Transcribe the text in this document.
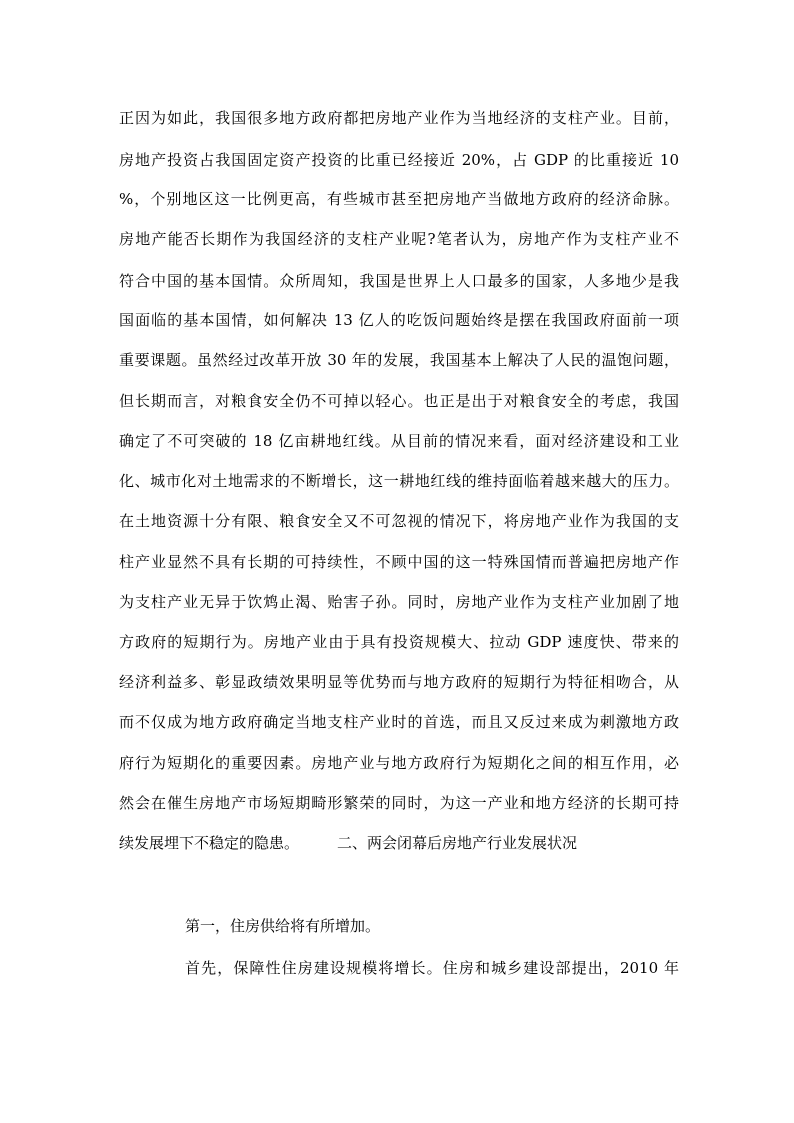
正因为如此，我国很多地方政府都把房地产业作为当地经济的支柱产业。目前，
房地产投资占我国固定资产投资的比重已经接近 20%，占 GDP 的比重接近 10
%，个别地区这一比例更高，有些城市甚至把房地产当做地方政府的经济命脉。
房地产能否长期作为我国经济的支柱产业呢?笔者认为，房地产作为支柱产业不
符合中国的基本国情。众所周知，我国是世界上人口最多的国家，人多地少是我
国面临的基本国情，如何解决 13 亿人的吃饭问题始终是摆在我国政府面前一项
重要课题。虽然经过改革开放 30 年的发展，我国基本上解决了人民的温饱问题，
但长期而言，对粮食安全仍不可掉以轻心。也正是出于对粮食安全的考虑，我国
确定了不可突破的 18 亿亩耕地红线。从目前的情况来看，面对经济建设和工业
化、城市化对土地需求的不断增长，这一耕地红线的维持面临着越来越大的压力。
在土地资源十分有限、粮食安全又不可忽视的情况下，将房地产业作为我国的支
柱产业显然不具有长期的可持续性，不顾中国的这一特殊国情而普遍把房地产作
为支柱产业无异于饮鸩止渴、贻害子孙。同时，房地产业作为支柱产业加剧了地
方政府的短期行为。房地产业由于具有投资规模大、拉动 GDP 速度快、带来的
经济利益多、彰显政绩效果明显等优势而与地方政府的短期行为特征相吻合，从
而不仅成为地方政府确定当地支柱产业时的首选，而且又反过来成为刺激地方政
府行为短期化的重要因素。房地产业与地方政府行为短期化之间的相互作用，必
然会在催生房地产市场短期畸形繁荣的同时，为这一产业和地方经济的长期可持
续发展埋下不稳定的隐患。	二、两会闭幕后房地产行业发展状况
第一，住房供给将有所增加。
首先，保障性住房建设规模将增长。住房和城乡建设部提出，2010 年
